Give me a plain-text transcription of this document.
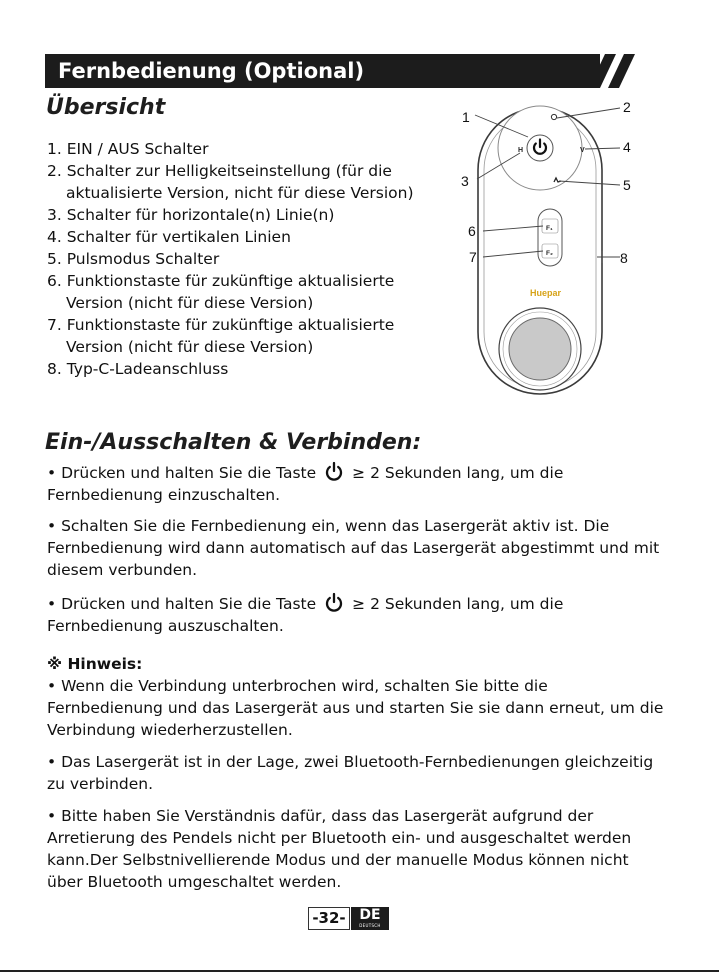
Fernbedienung (Optional)
Übersicht
1. EIN / AUS Schalter
2. Schalter zur Helligkeitseinstellung (für die aktualisierte Version, nicht für diese Version)
3. Schalter für horizontale(n) Linie(n)
4. Schalter für vertikalen Linien
5. Pulsmodus Schalter
6. Funktionstaste für zukünftige aktualisierte Version (nicht für diese Version)
7. Funktionstaste für zukünftige aktualisierte Version (nicht für diese Version)
8. Typ-C-Ladeanschluss
H	V
F₁
F₂
Huepar
1
2
3
4
5
6
7	8
Ein-/Ausschalten & Verbinden:

• Drücken und halten Sie die Taste ≥ 2 Sekunden lang, um die Fernbedienung einzuschalten.

• Schalten Sie die Fernbedienung ein, wenn das Lasergerät aktiv ist. Die Fernbedienung wird dann automatisch auf das Lasergerät abgestimmt und mit diesem verbunden.

• Drücken und halten Sie die Taste ≥ 2 Sekunden lang, um die Fernbedienung auszuschalten.

※ Hinweis:

• Wenn die Verbindung unterbrochen wird, schalten Sie bitte die Fernbedienung und das Lasergerät aus und starten Sie sie dann erneut, um die Verbindung wiederherzustellen.

• Das Lasergerät ist in der Lage, zwei Bluetooth-Fernbedienungen gleichzeitig zu verbinden.

• Bitte haben Sie Verständnis dafür, dass das Lasergerät aufgrund der Arretierung des Pendels nicht per Bluetooth ein- und ausgeschaltet werden kann.Der Selbstnivellierende Modus und der manuelle Modus können nicht über Bluetooth umgeschaltet werden.

-32- DE
DEUTSCH
